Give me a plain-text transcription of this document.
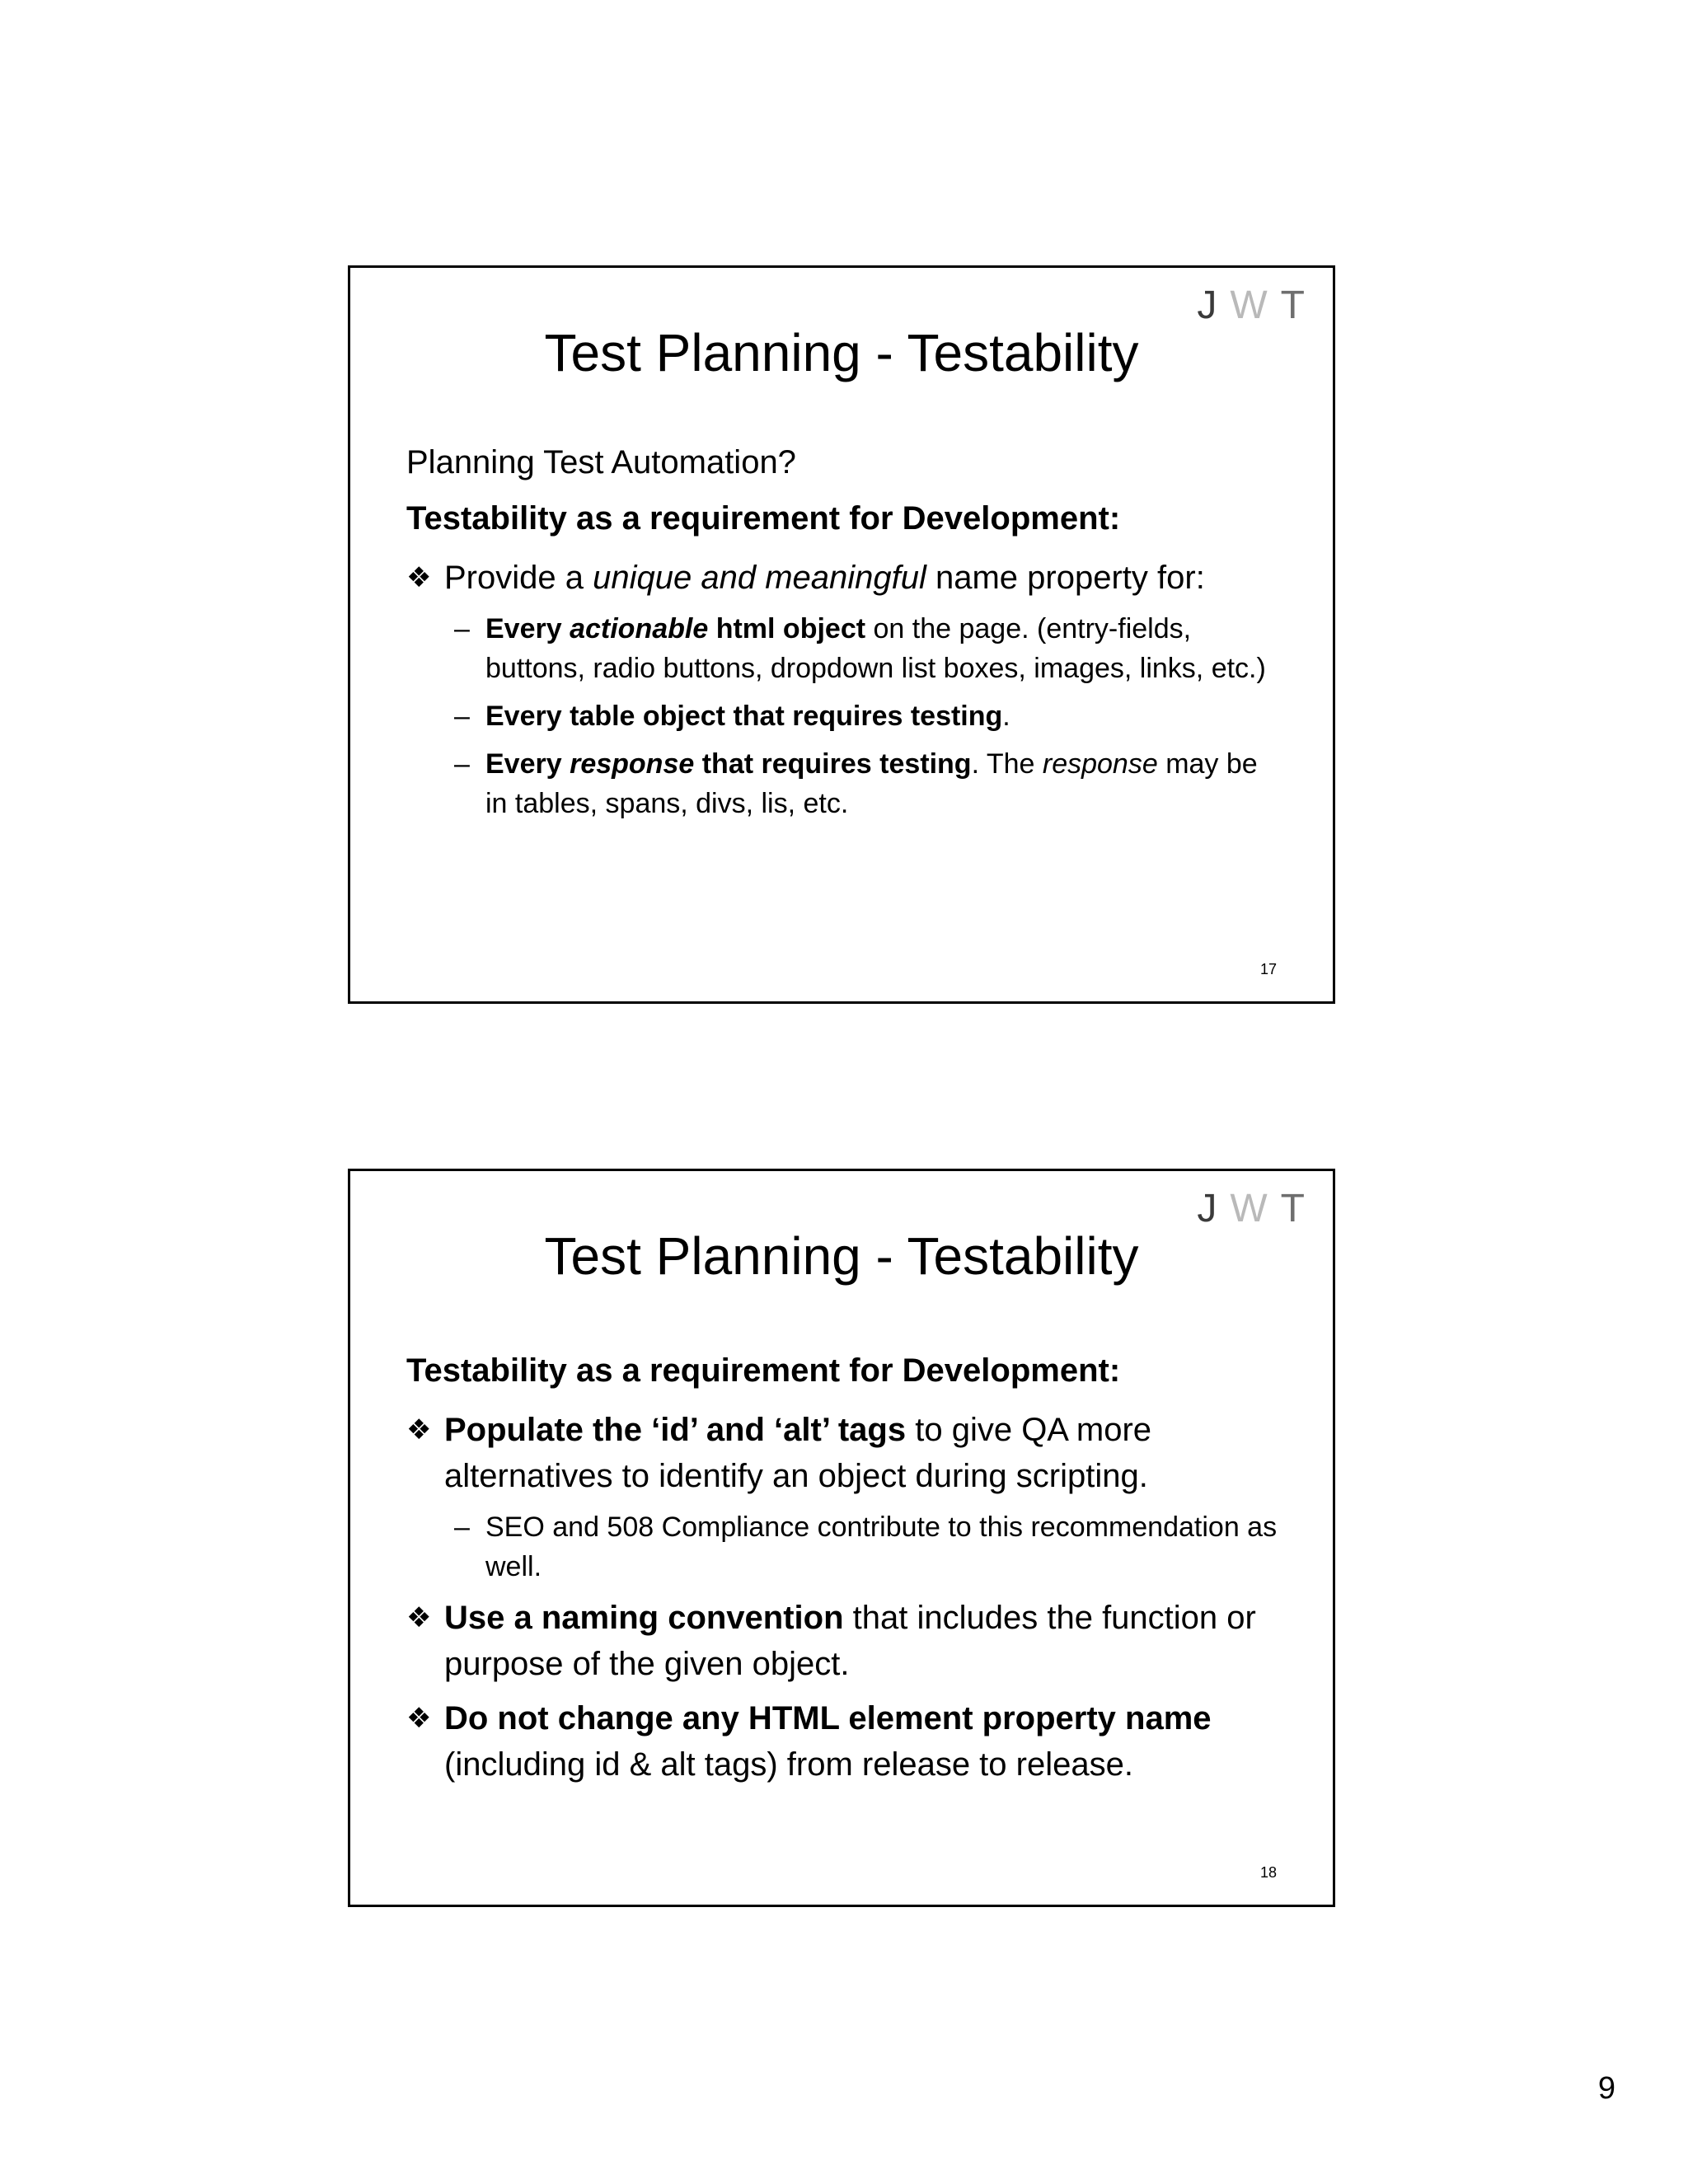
JWT
Test Planning - Testability

Planning Test Automation?

Testability as a requirement for Development:

❖ Provide a unique and meaningful name property for:
– Every actionable html object on the page. (entry-fields, buttons, radio buttons, dropdown list boxes, images, links, etc.)
– Every table object that requires testing.
– Every response that requires testing. The response may be in tables, spans, divs, lis, etc.
17
JWT
Test Planning - Testability

Testability as a requirement for Development:

❖ Populate the ‘id’ and ‘alt’ tags to give QA more alternatives to identify an object during scripting.
– SEO and 508 Compliance contribute to this recommendation as well.
❖ Use a naming convention that includes the function or purpose of the given object.
❖ Do not change any HTML element property name (including id & alt tags) from release to release.
18
9
